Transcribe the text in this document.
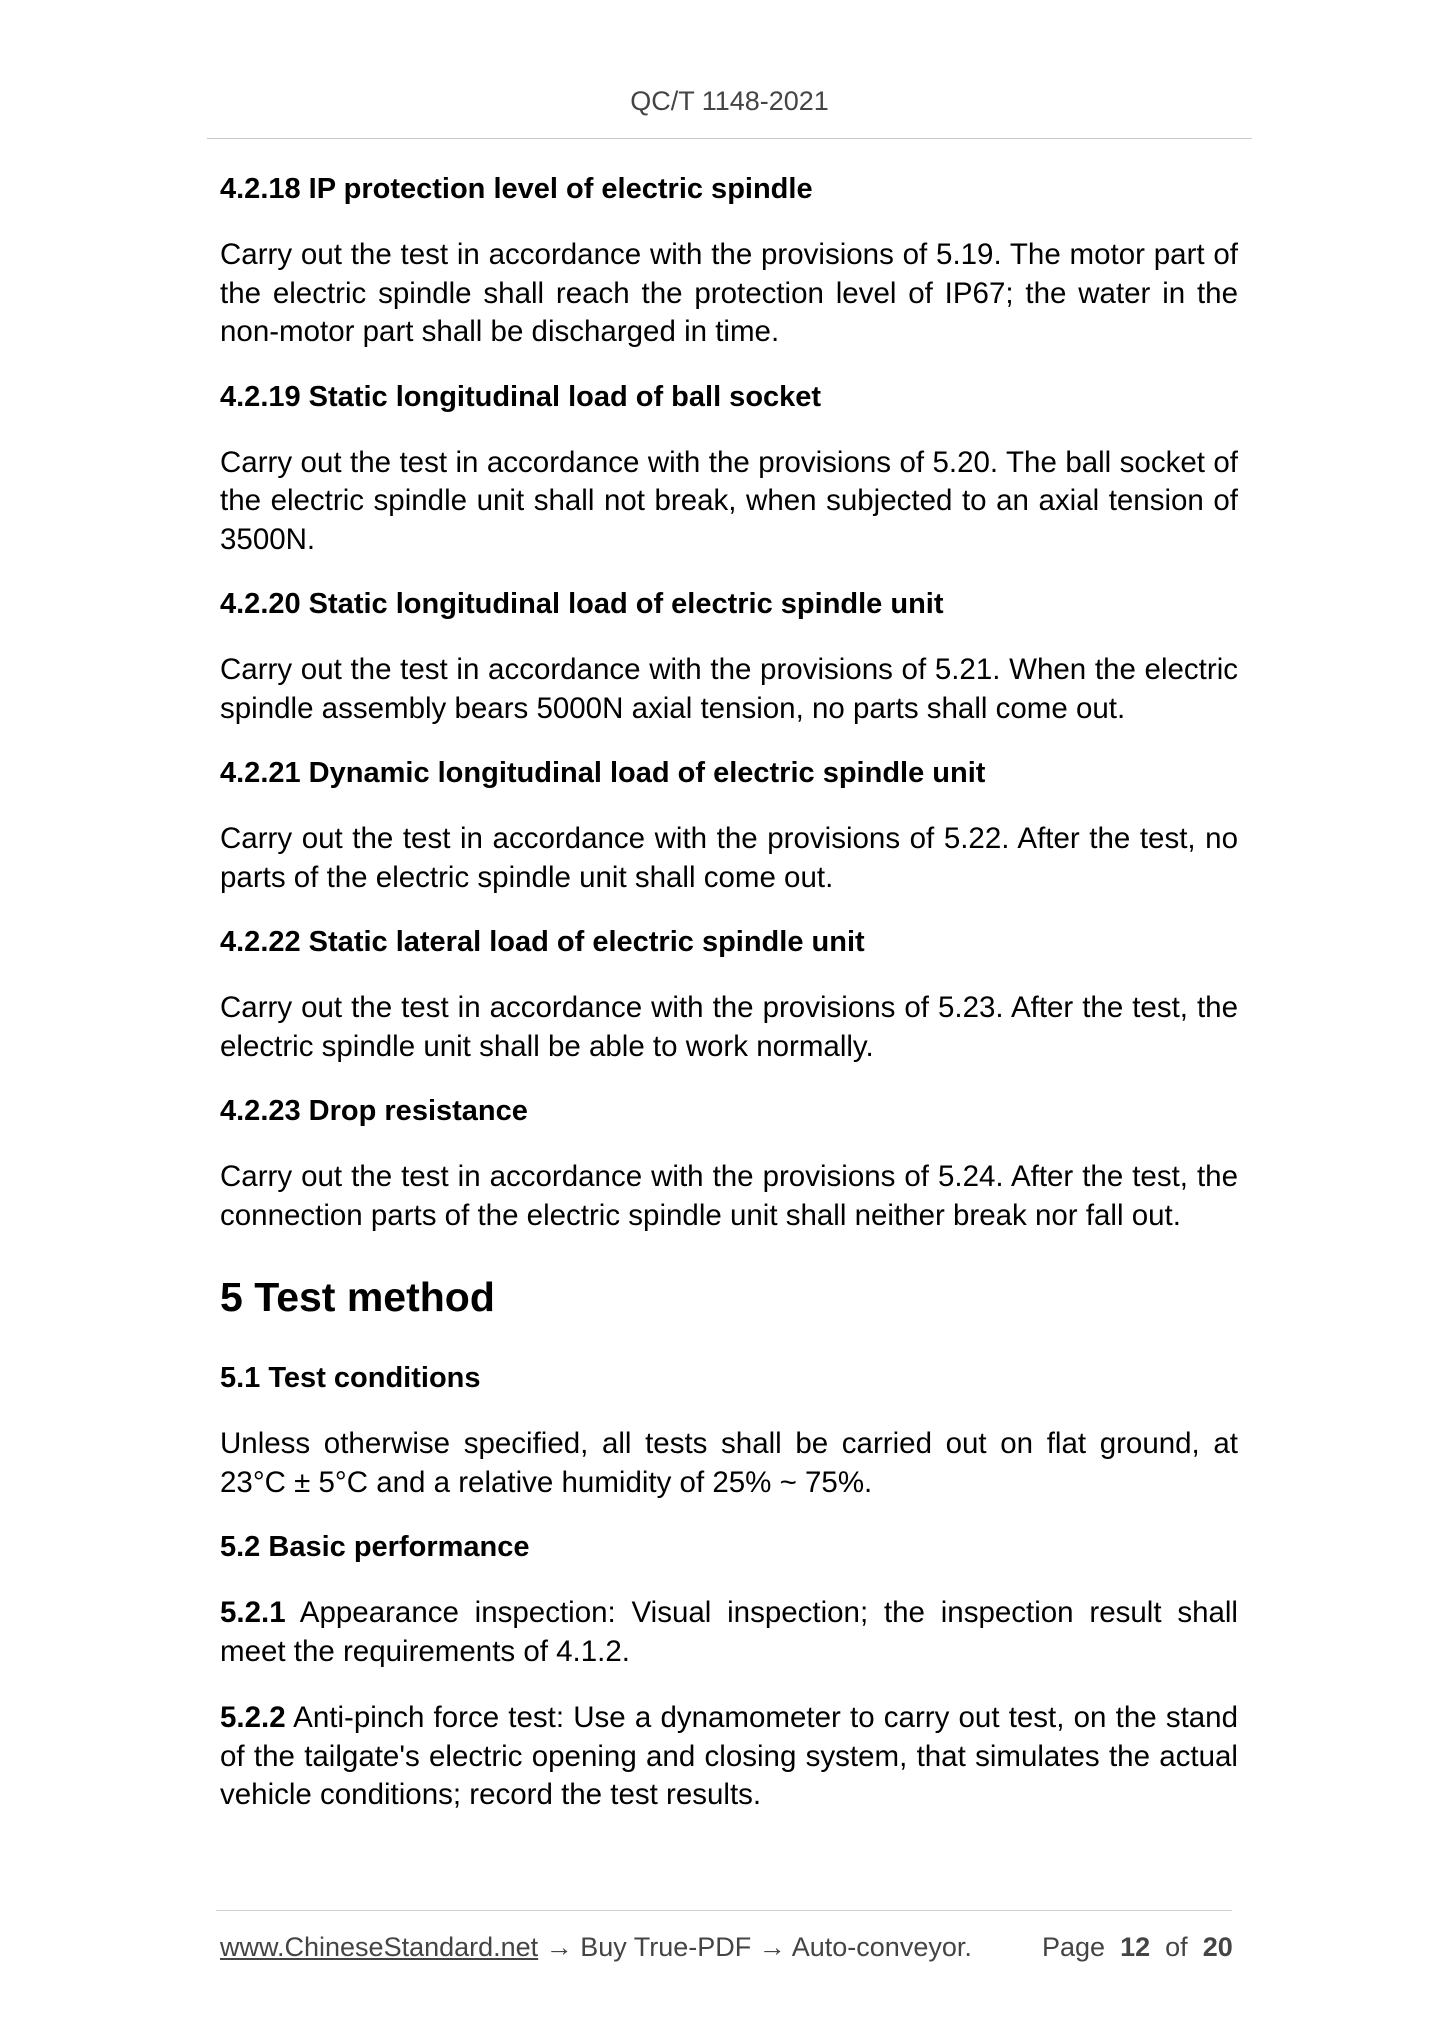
QC/T 1148-2021

4.2.18 IP protection level of electric spindle

Carry out the test in accordance with the provisions of 5.19. The motor part of the electric spindle shall reach the protection level of IP67; the water in the non-motor part shall be discharged in time.

4.2.19 Static longitudinal load of ball socket

Carry out the test in accordance with the provisions of 5.20. The ball socket of the electric spindle unit shall not break, when subjected to an axial tension of 3500N.

4.2.20 Static longitudinal load of electric spindle unit

Carry out the test in accordance with the provisions of 5.21. When the electric spindle assembly bears 5000N axial tension, no parts shall come out.

4.2.21 Dynamic longitudinal load of electric spindle unit

Carry out the test in accordance with the provisions of 5.22. After the test, no parts of the electric spindle unit shall come out.

4.2.22 Static lateral load of electric spindle unit

Carry out the test in accordance with the provisions of 5.23. After the test, the electric spindle unit shall be able to work normally.

4.2.23 Drop resistance

Carry out the test in accordance with the provisions of 5.24. After the test, the connection parts of the electric spindle unit shall neither break nor fall out.

5 Test method

5.1 Test conditions

Unless otherwise specified, all tests shall be carried out on flat ground, at 23°C ± 5°C and a relative humidity of 25% ~ 75%.

5.2 Basic performance

5.2.1 Appearance inspection: Visual inspection; the inspection result shall meet the requirements of 4.1.2.

5.2.2 Anti-pinch force test: Use a dynamometer to carry out test, on the stand of the tailgate's electric opening and closing system, that simulates the actual vehicle conditions; record the test results.

www.ChineseStandard.net → Buy True-PDF → Auto-conveyor.	Page 12 of 20
